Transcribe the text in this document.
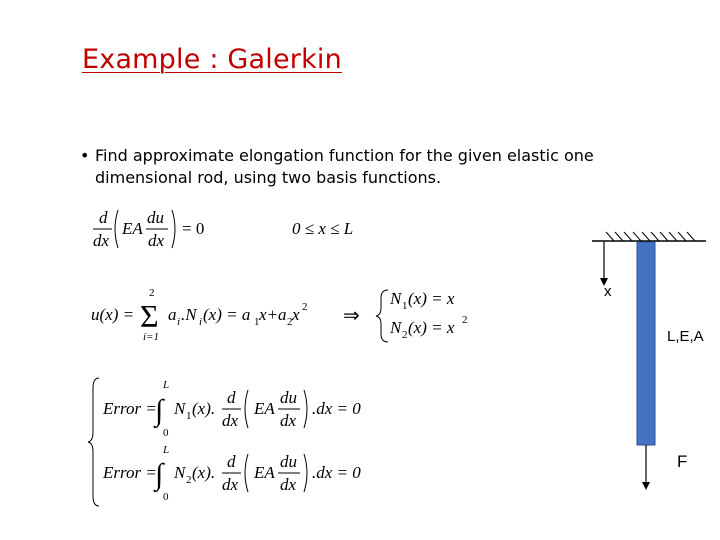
Example : Galerkin
• Find approximate elongation function for the given elastic one dimensional rod, using two basis functions.
d
dx
EA
du
dx
= 0	0 ≤ x ≤ L
u(x) =
2
Σ
i=1
a i .N i (x) = a 1 x+a 2 x 2 ⇒
N 1 (x) = x
N 2 (x) = x 2
Error =
L
∫
0
N 1 (x).
d
dx
EA
du
dx
.dx = 0
Error =
L
∫
0
N 2 (x).
d
dx
EA
du
dx
.dx = 0
x
L,E,A
F
